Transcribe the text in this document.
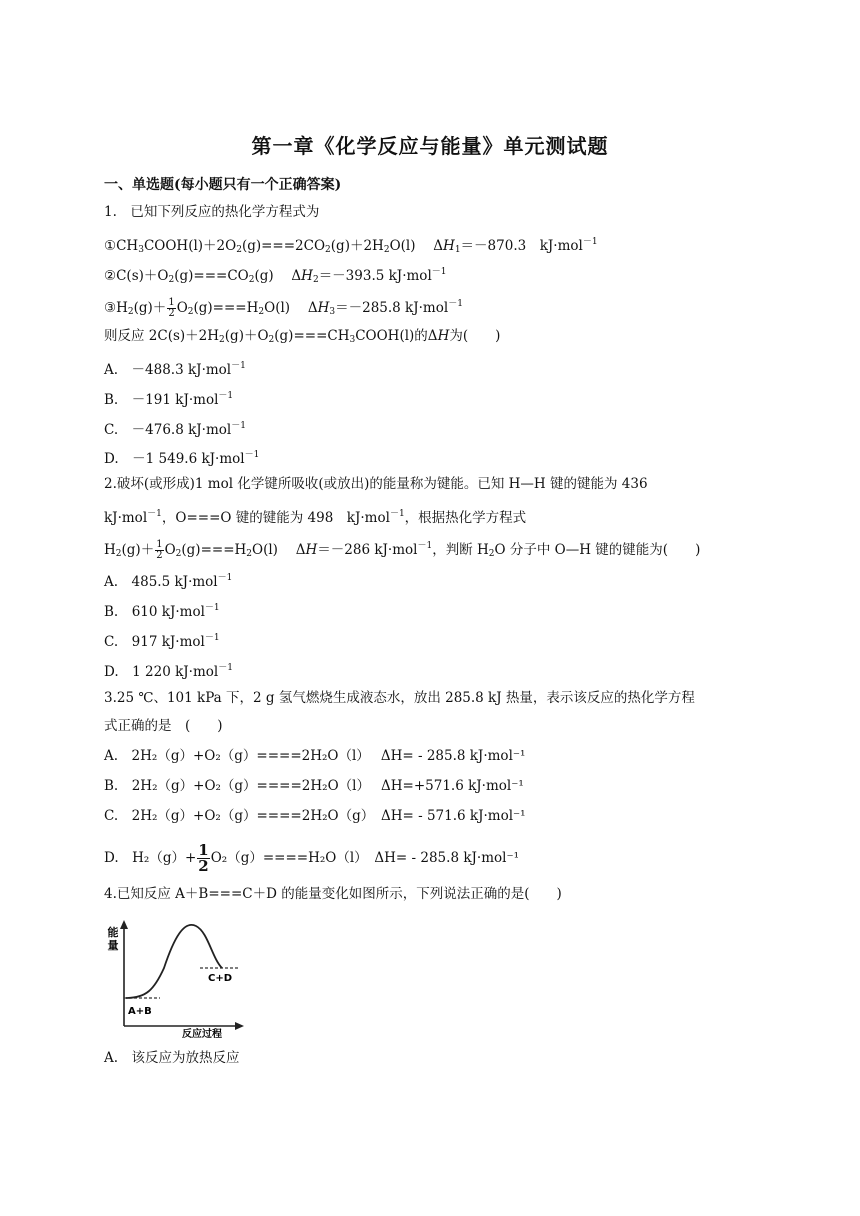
第一章《化学反应与能量》单元测试题
一、单选题(每小题只有一个正确答案)
1.　已知下列反应的热化学方程式为
$①CH_3COOH(l)+2O_2(g)===2CO_2(g)+2H_2O(l)$　 $\Delta H_1=-870.3$　kJ·mol$^{-1}$
$②C(s)+O_2(g)===CO_2(g)$　 $\Delta H_2=-393.5$ kJ·mol$^{-1}$
$③H_2(g)+ \frac{1}{2} O_2(g)===H_2O(l)$　 $\Delta H_3=-285.8$ kJ·mol$^{-1}$
则反应 $2C(s)+2H_2(g)+O_2(g)===CH_3COOH(l)$的ΔH为(　　)
A.　－488.3 kJ·mol$^{-1}$
B.　－191 kJ·mol$^{-1}$
C.　－476.8 kJ·mol$^{-1}$
D.　－1 549.6 kJ·mol$^{-1}$
2.破坏(或形成)1 mol 化学键所吸收(或放出)的能量称为键能。已知 H—H 键的键能为 436
kJ·mol$^{-1}$，O===O 键的键能为 498　kJ·mol$^{-1}$，根据热化学方程式
$H_2(g)+ \frac{1}{2} O_2(g)===H_2O(l)$　 ΔH＝－286 kJ·mol$^{-1}$，判断 $H_2O$ 分子中 O—H 键的键能为(　　)
A.　485.5 kJ·mol$^{-1}$
B.　610 kJ·mol$^{-1}$
C.　917 kJ·mol$^{-1}$
D.　1 220 kJ·mol$^{-1}$
3.25 ℃、101 kPa 下，2 g 氢气燃烧生成液态水，放出 285.8 kJ 热量，表示该反应的热化学方程
式正确的是　(　　)
A.　2H₂（g）+O₂（g）====2H₂O（l）　 ΔH= - 285.8 kJ·mol⁻¹
B.　2H₂（g）+O₂（g）====2H₂O（l）　 ΔH=+571.6 kJ·mol⁻¹
C.　2H₂（g）+O₂（g）====2H₂O（g）　ΔH= - 571.6 kJ·mol⁻¹
D.　$H_2(g)+ \frac{1}{2} O_2(g)====H_2O(l)$　ΔH= - 285.8 kJ·mol⁻¹
4.已知反应 A＋B===C＋D 的能量变化如图所示，下列说法正确的是(　　)
能
量
A+B
C+D
反应过程
A.　该反应为放热反应
